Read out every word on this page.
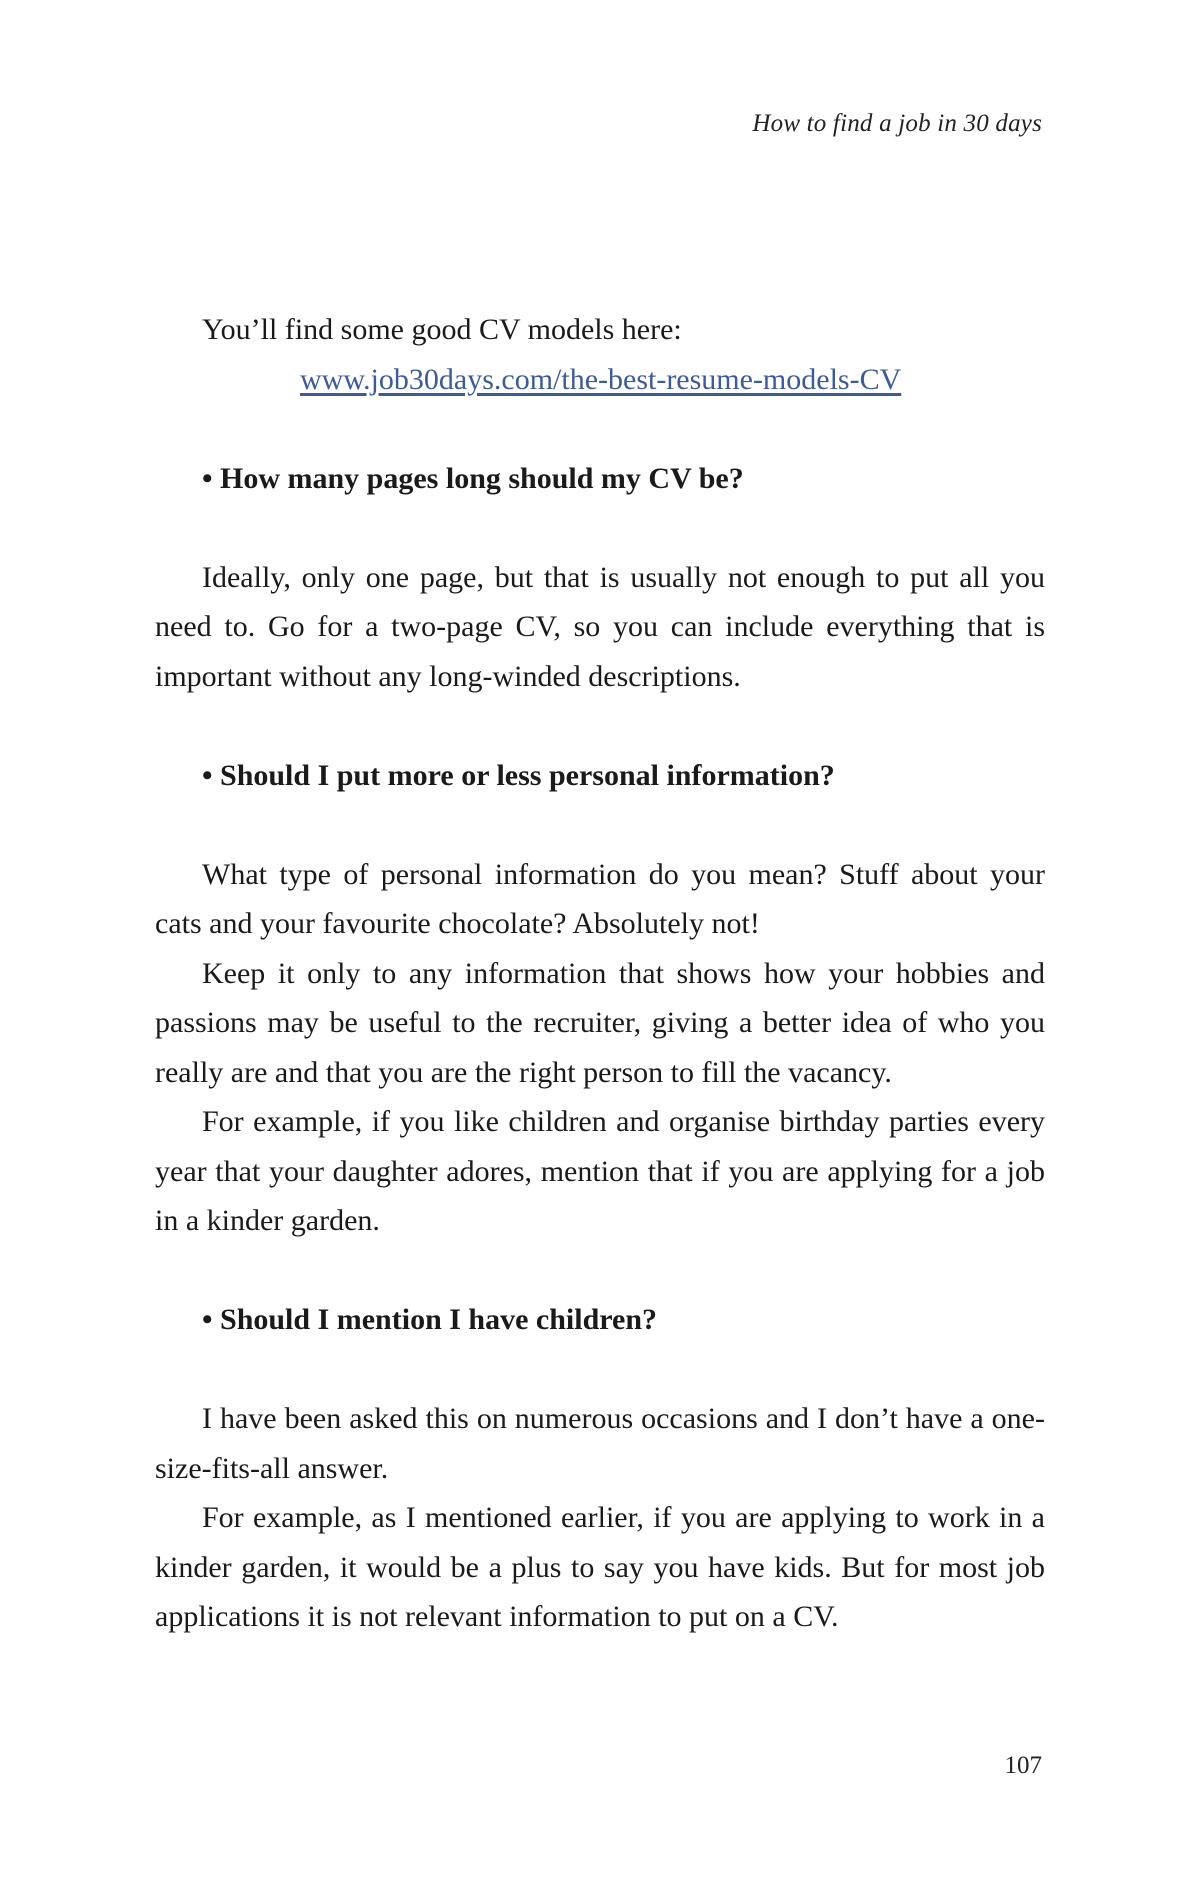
How to find a job in 30 days

You’ll find some good CV models here:

www.job30days.com/the-best-resume-models-CV

• How many pages long should my CV be?

Ideally, only one page, but that is usually not enough to put all you need to. Go for a two-page CV, so you can include everything that is important without any long-winded descriptions.

• Should I put more or less personal information?

What type of personal information do you mean? Stuff about your cats and your favourite chocolate? Absolutely not!

Keep it only to any information that shows how your hobbies and passions may be useful to the recruiter, giving a better idea of who you really are and that you are the right person to fill the vacancy.

For example, if you like children and organise birthday parties every year that your daughter adores, mention that if you are applying for a job in a kinder garden.

• Should I mention I have children?

I have been asked this on numerous occasions and I don’t have a one-size-fits-all answer.

For example, as I mentioned earlier, if you are applying to work in a kinder garden, it would be a plus to say you have kids. But for most job applications it is not relevant information to put on a CV.

107
